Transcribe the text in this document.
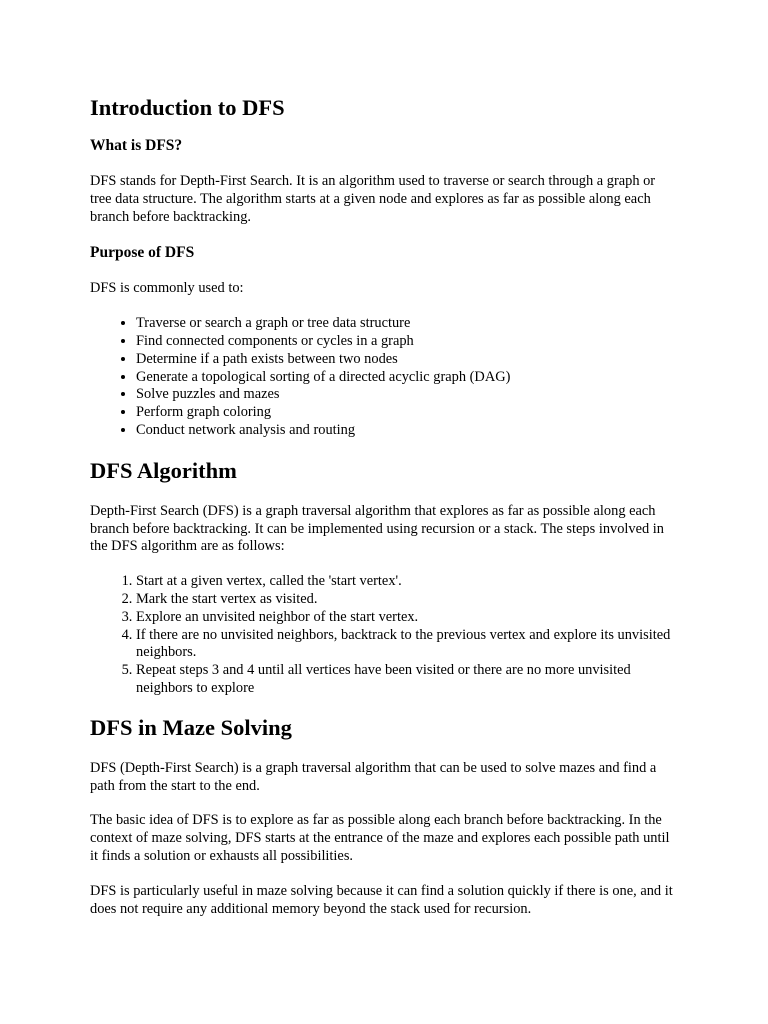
Introduction to DFS
What is DFS?

DFS stands for Depth-First Search. It is an algorithm used to traverse or search through a graph or tree data structure. The algorithm starts at a given node and explores as far as possible along each branch before backtracking.

Purpose of DFS

DFS is commonly used to:

• Traverse or search a graph or tree data structure
• Find connected components or cycles in a graph
• Determine if a path exists between two nodes
• Generate a topological sorting of a directed acyclic graph (DAG)
• Solve puzzles and mazes
• Perform graph coloring
• Conduct network analysis and routing
DFS Algorithm

Depth-First Search (DFS) is a graph traversal algorithm that explores as far as possible along each branch before backtracking. It can be implemented using recursion or a stack. The steps involved in the DFS algorithm are as follows:

1. Start at a given vertex, called the 'start vertex'.
2. Mark the start vertex as visited.
3. Explore an unvisited neighbor of the start vertex.
4. If there are no unvisited neighbors, backtrack to the previous vertex and explore its unvisited neighbors.
5. Repeat steps 3 and 4 until all vertices have been visited or there are no more unvisited neighbors to explore
DFS in Maze Solving

DFS (Depth-First Search) is a graph traversal algorithm that can be used to solve mazes and find a path from the start to the end.

The basic idea of DFS is to explore as far as possible along each branch before backtracking. In the context of maze solving, DFS starts at the entrance of the maze and explores each possible path until it finds a solution or exhausts all possibilities.

DFS is particularly useful in maze solving because it can find a solution quickly if there is one, and it does not require any additional memory beyond the stack used for recursion.
